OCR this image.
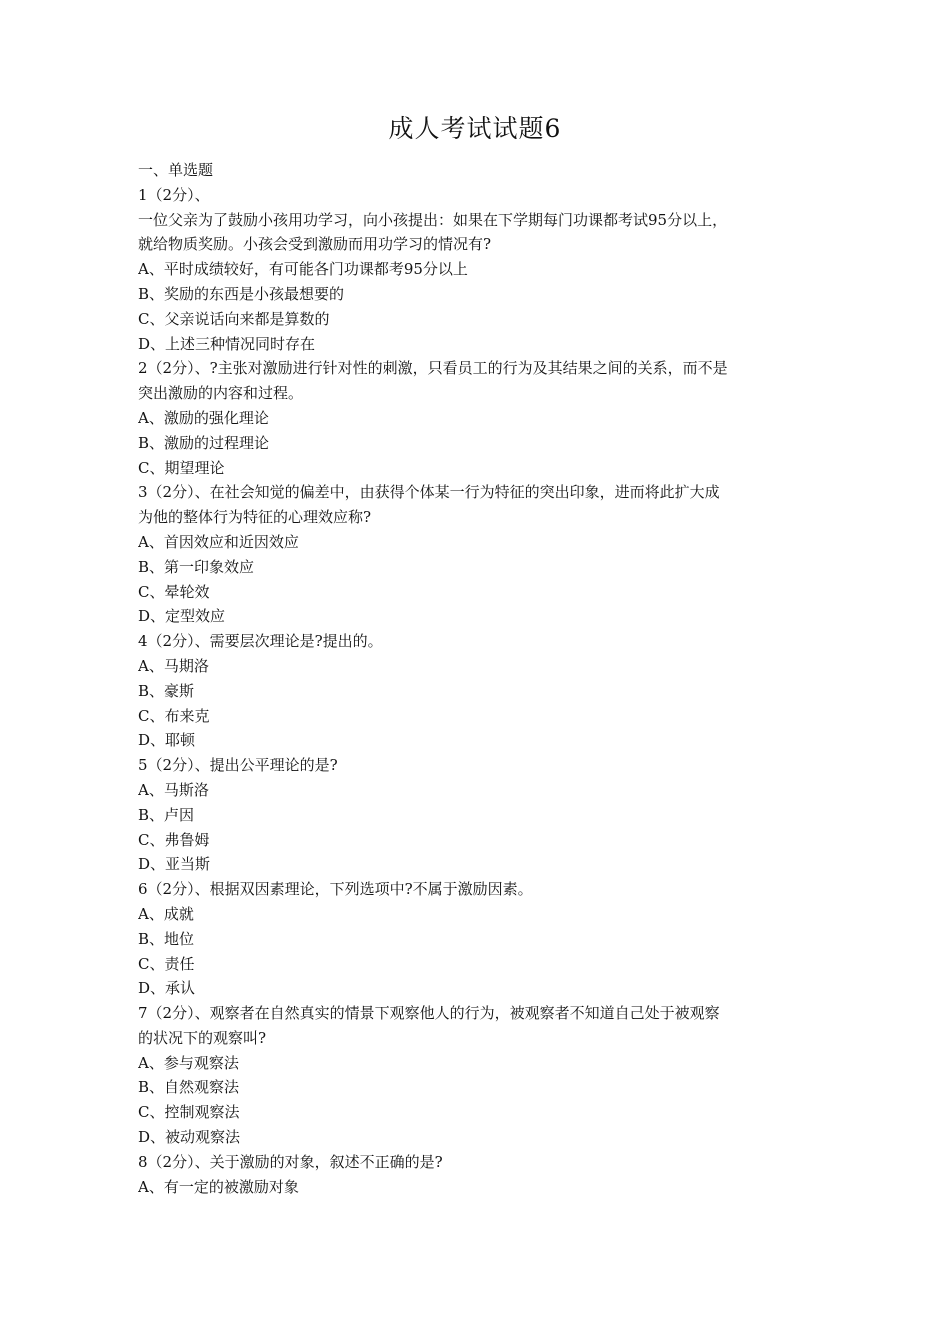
成人考试试题6
一、单选题
1（2分）、
一位父亲为了鼓励小孩用功学习，向小孩提出：如果在下学期每门功课都考试95分以上，
就给物质奖励。小孩会受到激励而用功学习的情况有?
A、平时成绩较好，有可能各门功课都考95分以上
B、奖励的东西是小孩最想要的
C、父亲说话向来都是算数的
D、上述三种情况同时存在
2（2分）、?主张对激励进行针对性的刺激，只看员工的行为及其结果之间的关系，而不是
突出激励的内容和过程。
A、激励的强化理论
B、激励的过程理论
C、期望理论
3（2分）、在社会知觉的偏差中，由获得个体某一行为特征的突出印象，进而将此扩大成
为他的整体行为特征的心理效应称?
A、首因效应和近因效应
B、第一印象效应
C、晕轮效
D、定型效应
4（2分）、需要层次理论是?提出的。
A、马期洛
B、豪斯
C、布来克
D、耶顿
5（2分）、提出公平理论的是?
A、马斯洛
B、卢因
C、弗鲁姆
D、亚当斯
6（2分）、根据双因素理论，下列选项中?不属于激励因素。
A、成就
B、地位
C、责任
D、承认
7（2分）、观察者在自然真实的情景下观察他人的行为，被观察者不知道自己处于被观察
的状况下的观察叫?
A、参与观察法
B、自然观察法
C、控制观察法
D、被动观察法
8（2分）、关于激励的对象，叙述不正确的是?
A、有一定的被激励对象
